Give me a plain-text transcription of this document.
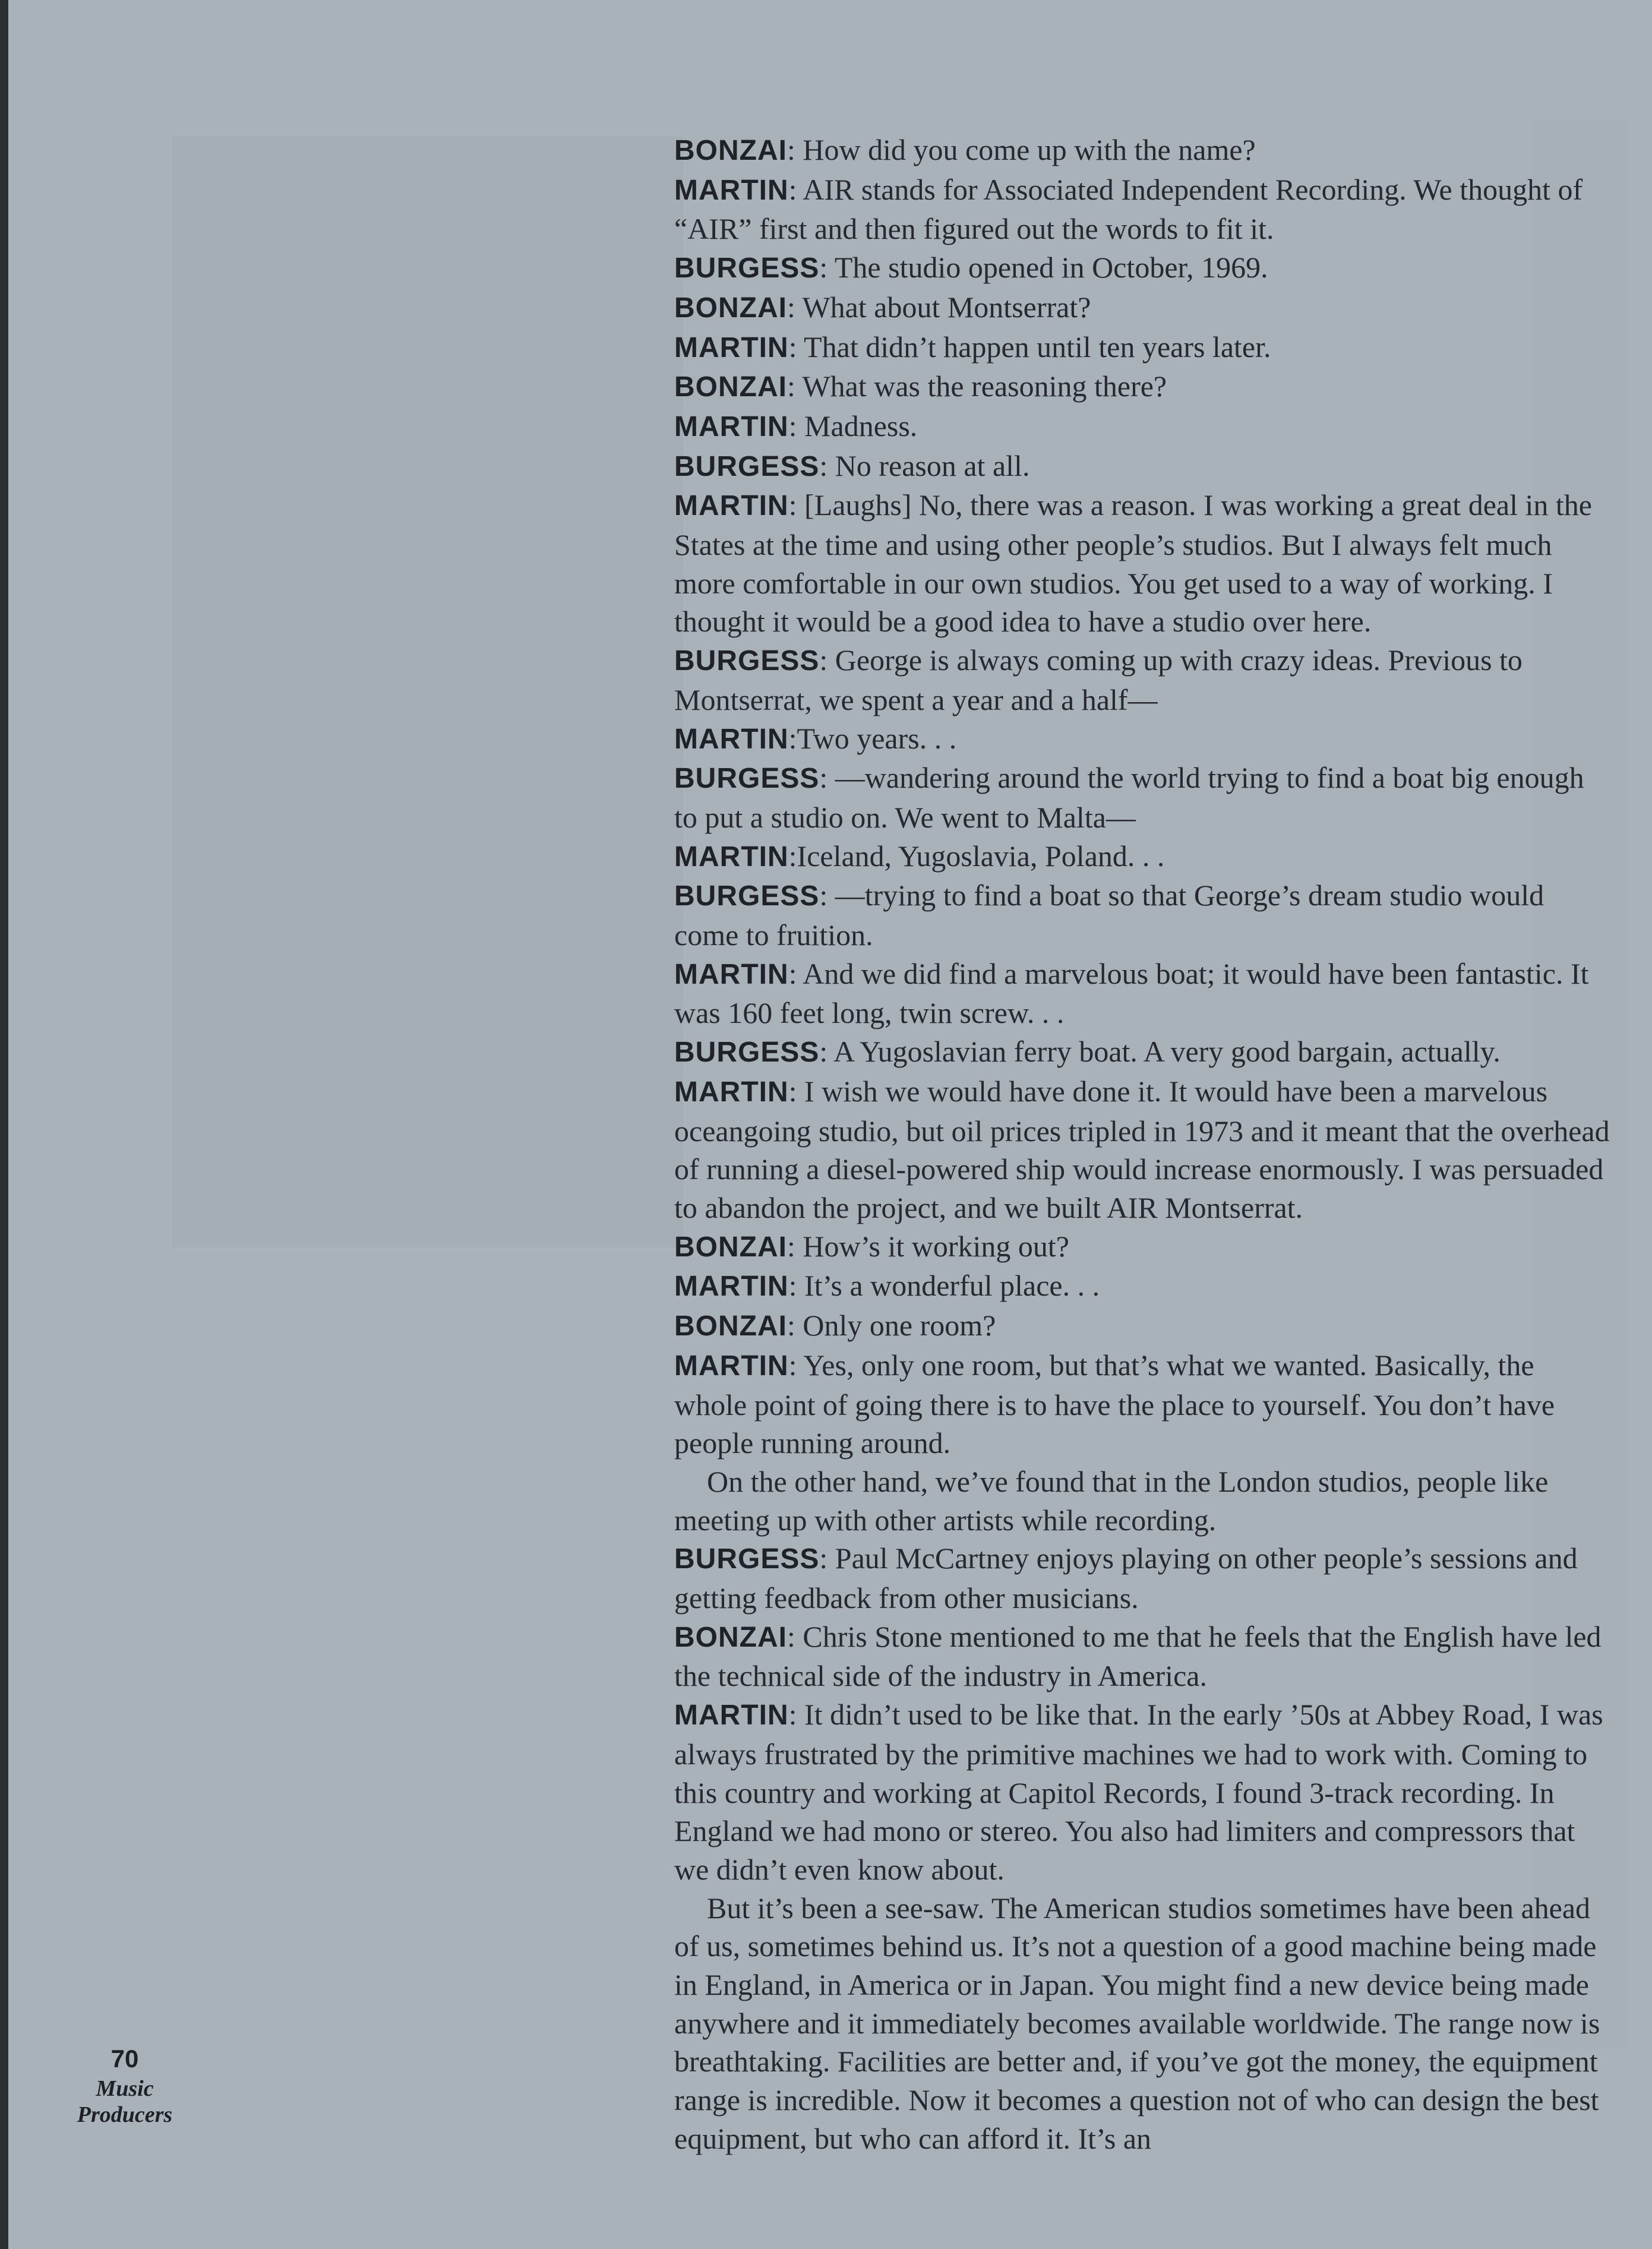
BONZAI: How did you come up with the name?

MARTIN: AIR stands for Associated Independent Recording. We thought of “AIR” first and then figured out the words to fit it.

BURGESS: The studio opened in October, 1969.

BONZAI: What about Montserrat?

MARTIN: That didn’t happen until ten years later.

BONZAI: What was the reasoning there?

MARTIN: Madness.

BURGESS: No reason at all.

MARTIN: [Laughs] No, there was a reason. I was working a great deal in the States at the time and using other people’s studios. But I always felt much more comfortable in our own studios. You get used to a way of working. I thought it would be a good idea to have a studio over here.

BURGESS: George is always coming up with crazy ideas. Previous to Montserrat, we spent a year and a half—

MARTIN:Two years. . .

BURGESS: —wandering around the world trying to find a boat big enough to put a studio on. We went to Malta—

MARTIN:Iceland, Yugoslavia, Poland. . .

BURGESS: —trying to find a boat so that George’s dream studio would come to fruition.

MARTIN: And we did find a marvelous boat; it would have been fantastic. It was 160 feet long, twin screw. . .

BURGESS: A Yugoslavian ferry boat. A very good bargain, actually.

MARTIN: I wish we would have done it. It would have been a marvelous oceangoing studio, but oil prices tripled in 1973 and it meant that the overhead of running a diesel-powered ship would increase enormously. I was persuaded to abandon the project, and we built AIR Montserrat.

BONZAI: How’s it working out?

MARTIN: It’s a wonderful place. . .

BONZAI: Only one room?

MARTIN: Yes, only one room, but that’s what we wanted. Basically, the whole point of going there is to have the place to yourself. You don’t have people running around.

On the other hand, we’ve found that in the London studios, people like meeting up with other artists while recording.

BURGESS: Paul McCartney enjoys playing on other people’s sessions and getting feedback from other musicians.

BONZAI: Chris Stone mentioned to me that he feels that the English have led the technical side of the industry in America.

MARTIN: It didn’t used to be like that. In the early ’50s at Abbey Road, I was always frustrated by the primitive machines we had to work with. Coming to this country and working at Capitol Records, I found 3-track recording. In England we had mono or stereo. You also had limiters and compressors that we didn’t even know about.

But it’s been a see-saw. The American studios sometimes have been ahead of us, sometimes behind us. It’s not a question of a good machine being made in England, in America or in Japan. You might find a new device being made anywhere and it immediately becomes available worldwide. The range now is breathtaking. Facilities are better and, if you’ve got the money, the equipment range is incredible. Now it becomes a question not of who can design the best equipment, but who can afford it. It’s an

70
Music
Producers
